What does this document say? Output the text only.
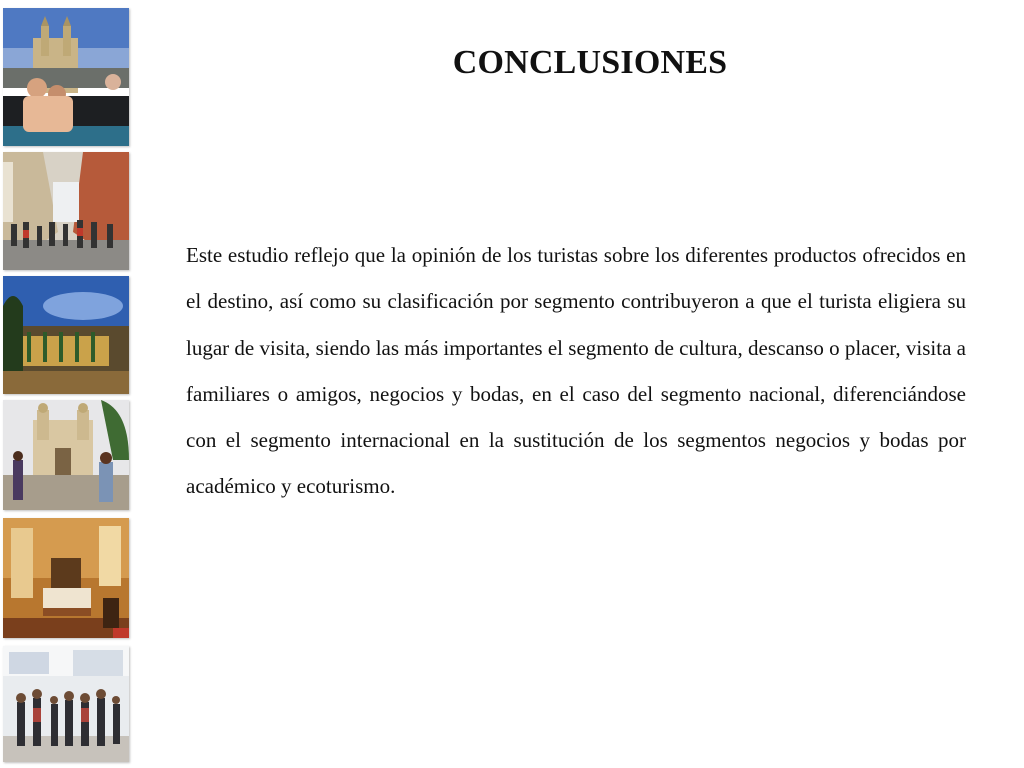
CONCLUSIONES

Este estudio reflejo que la opinión de los turistas sobre los diferentes productos ofrecidos en el destino, así como su clasificación por segmento contribuyeron a que el turista eligiera su lugar de visita, siendo las más importantes el segmento de cultura, descanso o placer, visita a familiares o amigos, negocios y bodas, en el caso del segmento nacional, diferenciándose con el segmento internacional en la sustitución de los segmentos negocios y bodas por académico y ecoturismo.
